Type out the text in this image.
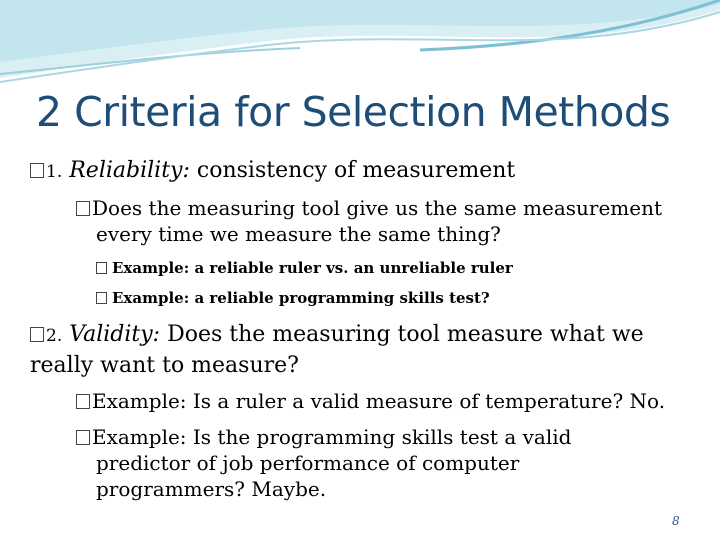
2 Criteria for Selection Methods
1. Reliability: consistency of measurement
Does the measuring tool give us the same measurement every time we measure the same thing?
Example: a reliable ruler vs. an unreliable ruler
Example: a reliable programming skills test?
2. Validity: Does the measuring tool measure what we really want to measure?
Example: Is a ruler a valid measure of temperature? No.
Example: Is the programming skills test a valid predictor of job performance of computer programmers? Maybe.
8
